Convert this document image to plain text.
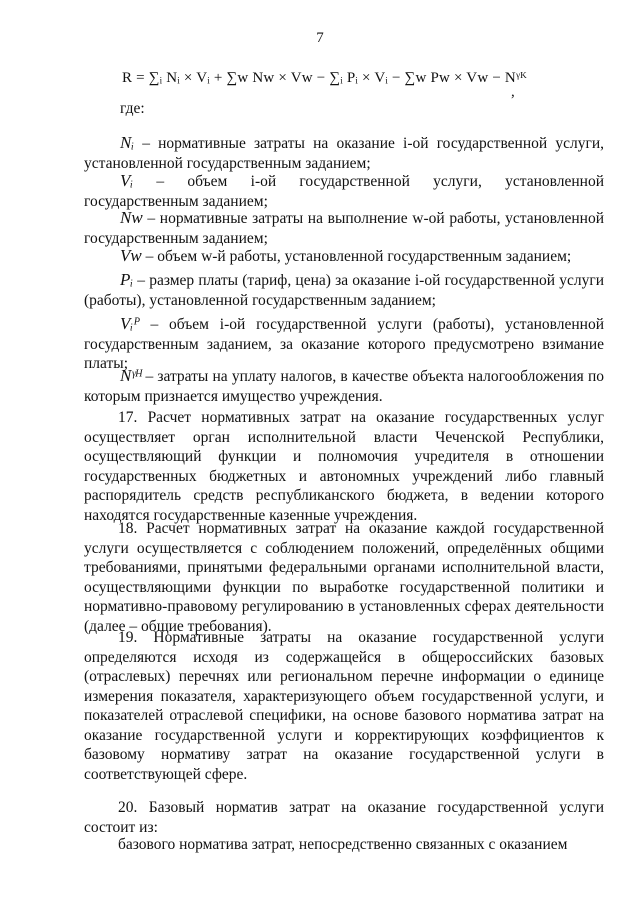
7
R = ∑ᵢ Nᵢ × Vᵢ + ∑w Nw × Vw − ∑ᵢ Pᵢ × Vᵢ − ∑w Pw × Vw − Nᵞᴷ
,
где:

Nᵢ – нормативные затраты на оказание i-ой государственной услуги, установленной государственным заданием;

Vᵢ – объем i-ой государственной услуги, установленной государственным заданием;

Nw – нормативные затраты на выполнение w-ой работы, установленной государственным заданием;

Vw – объем w-й работы, установленной государственным заданием;

Pᵢ – размер платы (тариф, цена) за оказание i-ой государственной услуги (работы), установленной государственным заданием;

Vᵢᴾ – объем i-ой государственной услуги (работы), установленной государственным заданием, за оказание которого предусмотрено взимание платы;

Nᵞᴴ – затраты на уплату налогов, в качестве объекта налогообложения по которым признается имущество учреждения.

17. Расчет нормативных затрат на оказание государственных услуг осуществляет орган исполнительной власти Чеченской Республики, осуществляющий функции и полномочия учредителя в отношении государственных бюджетных и автономных учреждений либо главный распорядитель средств республиканского бюджета, в ведении которого находятся государственные казенные учреждения.

18. Расчет нормативных затрат на оказание каждой государственной услуги осуществляется с соблюдением положений, определённых общими требованиями, принятыми федеральными органами исполнительной власти, осуществляющими функции по выработке государственной политики и нормативно-правовому регулированию в установленных сферах деятельности (далее – общие требования).

19. Нормативные затраты на оказание государственной услуги определяются исходя из содержащейся в общероссийских базовых (отраслевых) перечнях или региональном перечне информации о единице измерения показателя, характеризующего объем государственной услуги, и показателей отраслевой специфики, на основе базового норматива затрат на оказание государственной услуги и корректирующих коэффициентов к базовому нормативу затрат на оказание государственной услуги в соответствующей сфере.

20. Базовый норматив затрат на оказание государственной услуги состоит из:

базового норматива затрат, непосредственно связанных с оказанием
